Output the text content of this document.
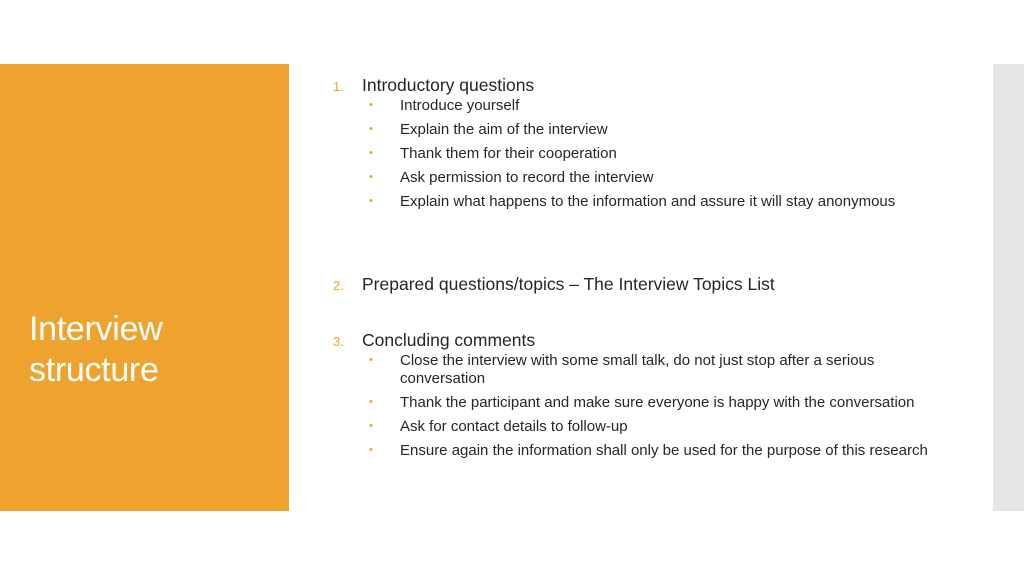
Interview
structure
1.	Introductory questions
• Introduce yourself
• Explain the aim of the interview
• Thank them for their cooperation
• Ask permission to record the interview
• Explain what happens to the information and assure it will stay anonymous
2.	Prepared questions/topics – The Interview Topics List
3.	Concluding comments
• Close the interview with some small talk, do not just stop after a serious conversation
• Thank the participant and make sure everyone is happy with the conversation
• Ask for contact details to follow-up
• Ensure again the information shall only be used for the purpose of this research
